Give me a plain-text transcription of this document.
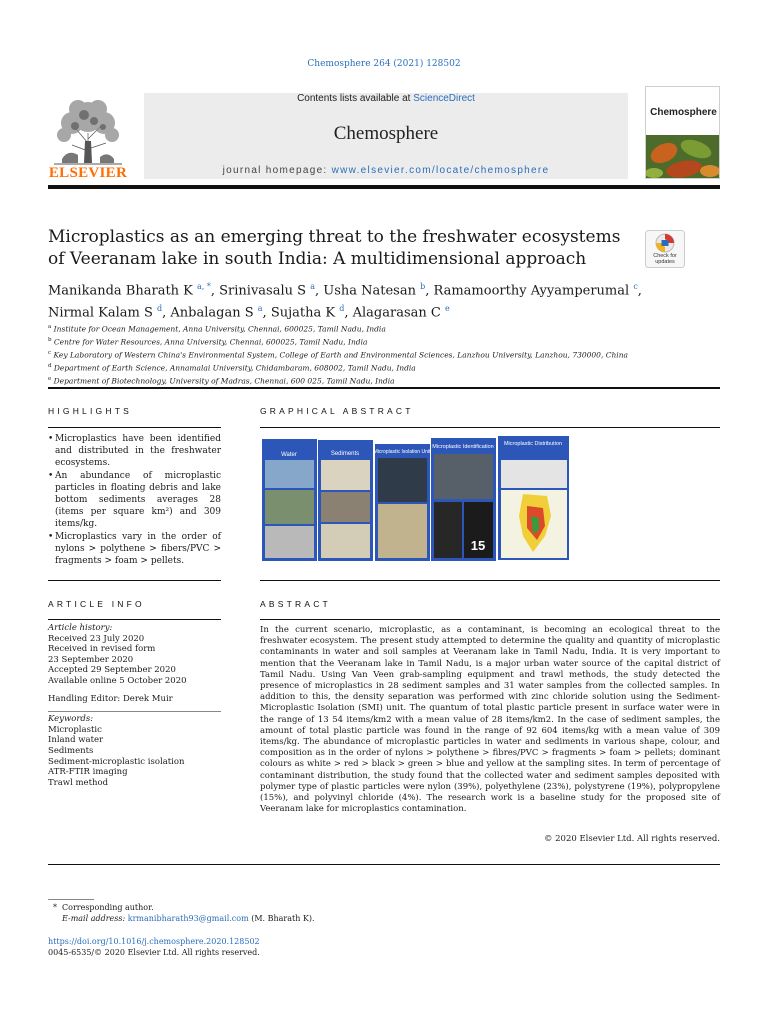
Chemosphere 264 (2021) 128502
ELSEVIER
Contents lists available at ScienceDirect
Chemosphere
journal homepage: www.elsevier.com/locate/chemosphere
Chemosphere
Microplastics as an emerging threat to the freshwater ecosystems of Veeranam lake in south India: A multidimensional approach	Check for updates
Manikanda Bharath K $^{a, *}$, Srinivasalu S $^a$, Usha Natesan $^b$, Ramamoorthy Ayyamperumal $^c$,
Nirmal Kalam S $^d$, Anbalagan S $^a$, Sujatha K $^d$, Alagarasan C $^e$
$^a$ Institute for Ocean Management, Anna University, Chennai, 600025, Tamil Nadu, India
$^b$ Centre for Water Resources, Anna University, Chennai, 600025, Tamil Nadu, India
$^c$ Key Laboratory of Western China's Environmental System, College of Earth and Environmental Sciences, Lanzhou University, Lanzhou, 730000, China
$^d$ Department of Earth Science, Annamalai University, Chidambaram, 608002, Tamil Nadu, India
$^e$ Department of Biotechnology, University of Madras, Chennai, 600 025, Tamil Nadu, India
HIGHLIGHTS
• Microplastics have been identified and distributed in the freshwater ecosystems.
• An abundance of microplastic particles in floating debris and lake bottom sediments averages 28 (items per square km²) and 309 items/kg.
• Microplastics vary in the order of nylons > polythene > fibers/PVC > fragments > foam > pellets.
GRAPHICAL ABSTRACT
Water	Sediments	Microplastic Isolation Unit
Microplastic Identification Microplastic Distribution
15
ARTICLE INFO
Article history:
Received 23 July 2020
Received in revised form
23 September 2020
Accepted 29 September 2020
Available online 5 October 2020
Handling Editor: Derek Muir
Keywords:
Microplastic
Inland water
Sediments
Sediment-microplastic isolation
ATR-FTIR imaging
Trawl method
ABSTRACT
In the current scenario, microplastic, as a contaminant, is becoming an ecological threat to the freshwater ecosystem. The present study attempted to determine the quality and quantity of microplastic contaminants in water and soil samples at Veeranam lake in Tamil Nadu, India. It is very important to mention that the Veeranam lake in Tamil Nadu, is a major urban water source of the capital district of Tamil Nadu. Using Van Veen grab-sampling equipment and trawl methods, the study detected the presence of microplastics in 28 sediment samples and 31 water samples from the collected samples. In addition to this, the density separation was performed with zinc chloride solution using the Sediment-Microplastic Isolation (SMI) unit. The quantum of total plastic particle present in surface water were in the range of 13 54 items/km2 with a mean value of 28 items/km2. In the case of sediment samples, the amount of total plastic particle was found in the range of 92 604 items/kg with a mean value of 309 items/kg. The abundance of microplastic particles in water and sediments in various shape, colour, and composition as in the order of nylons > polythene > fibres/PVC > fragments > foam > pellets; dominant colours as white > red > black > green > blue and yellow at the sampling sites. In term of percentage of contaminant distribution, the study found that the collected water and sediment samples deposited with polymer type of plastic particles were nylon (39%), polyethylene (23%), polystyrene (19%), polypropylene (15%), and polyvinyl chloride (4%). The research work is a baseline study for the proposed site of Veeranam lake for microplastics contamination.
© 2020 Elsevier Ltd. All rights reserved.
* Corresponding author.
E-mail address: krmanibharath93@gmail.com (M. Bharath K).
https://doi.org/10.1016/j.chemosphere.2020.128502
0045-6535/© 2020 Elsevier Ltd. All rights reserved.
